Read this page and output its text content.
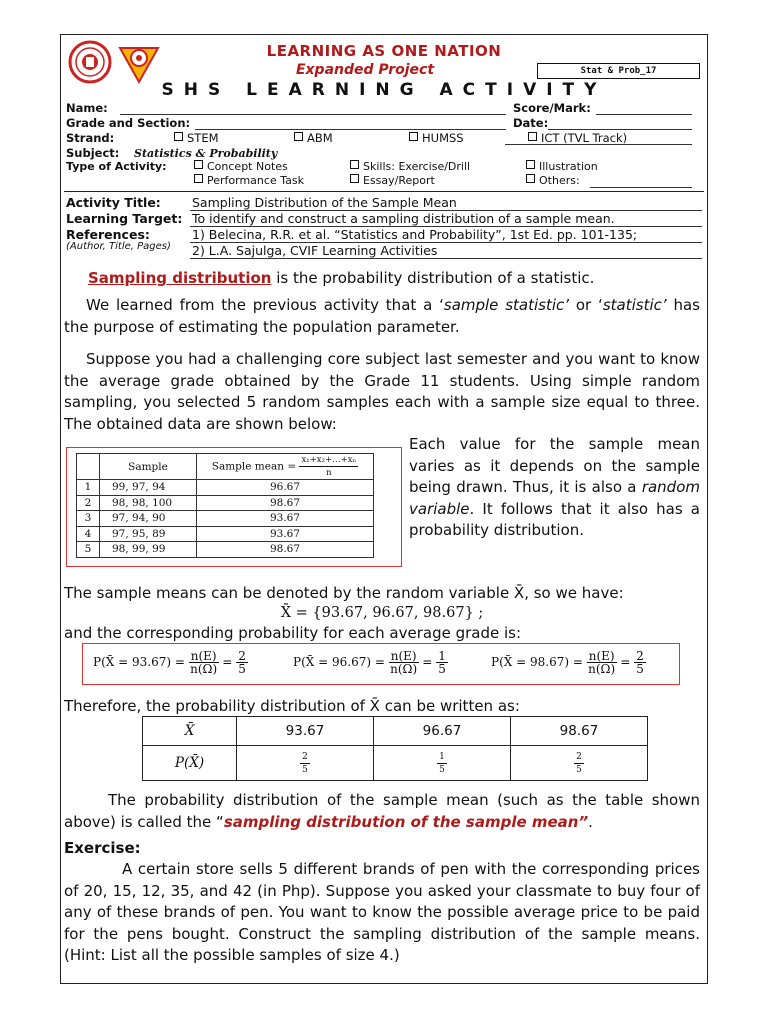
LEARNING AS ONE NATION
Expanded Project
SHS LEARNING ACTIVITY
Stat & Prob_17
Name:	Score/Mark:
Grade and Section:	Date:
Strand:	STEM	ABM	HUMSS	ICT (TVL Track)
Subject: Statistics & Probability
Type of Activity:	Concept Notes	Skills: Exercise/Drill	Illustration
Performance Task	Essay/Report	Others:
Activity Title: Sampling Distribution of the Sample Mean
Learning Target: To identify and construct a sampling distribution of a sample mean.
References:	1) Belecina, R.R. et al. “Statistics and Probability”, 1st Ed. pp. 101-135;
(Author, Title, Pages) 2) L.A. Sajulga, CVIF Learning Activities
Sampling distribution is the probability distribution of a statistic.
We learned from the previous activity that a ‘sample statistic’ or ‘statistic’ has the purpose of estimating the population parameter.
Suppose you had a challenging core subject last semester and you want to know the average grade obtained by the Grade 11 students. Using simple random sampling, you selected 5 random samples each with a sample size equal to three. The obtained data are shown below:
	Sample	Sample mean = $\frac{\text{x₁+x₂+…+xₙ}}{n}$

1	99, 97, 94	96.67
2	98, 98, 100	98.67
3	97, 94, 90	93.67
4	97, 95, 89	93.67
5	98, 99, 99	98.67
Each value for the sample mean varies as it depends on the sample being drawn. Thus, it is also a random variable. It follows that it also has a probability distribution.
The sample means can be denoted by the random variable X̄, so we have:
X̄ = {93.67, 96.67, 98.67} ;
and the corresponding probability for each average grade is:
P(X̄ = $93.67) = \frac{n(E)}{n(\Omega)} = \frac{2}{5}$	P(X̄ = $96.67) = \frac{n(E)}{n(\Omega)} = \frac{1}{5}$	P(X̄ = $98.67) = \frac{n(E)}{n(\Omega)} = \frac{2}{5}$
Therefore, the probability distribution of X̄ can be written as:
X̄	93.67	96.67	98.67
P(X̄)	$\frac{2}{5}$	$\frac{1}{5}$	$\frac{2}{5}$
The probability distribution of the sample mean (such as the table shown above) is called the “sampling distribution of the sample mean”.
Exercise:
A certain store sells 5 different brands of pen with the corresponding prices of 20, 15, 12, 35, and 42 (in Php). Suppose you asked your classmate to buy four of any of these brands of pen. You want to know the possible average price to be paid for the pens bought. Construct the sampling distribution of the sample means. (Hint: List all the possible samples of size 4.)
